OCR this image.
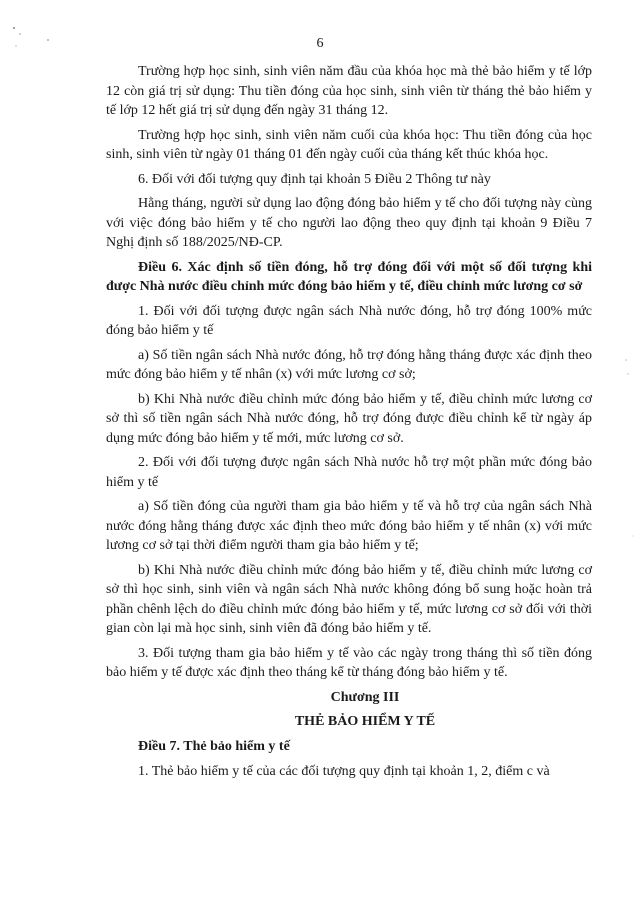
6

Trường hợp học sinh, sinh viên năm đầu của khóa học mà thẻ bảo hiểm y tế lớp 12 còn giá trị sử dụng: Thu tiền đóng của học sinh, sinh viên từ tháng thẻ bảo hiểm y tế lớp 12 hết giá trị sử dụng đến ngày 31 tháng 12.

Trường hợp học sinh, sinh viên năm cuối của khóa học: Thu tiền đóng của học sinh, sinh viên từ ngày 01 tháng 01 đến ngày cuối của tháng kết thúc khóa học.

6. Đối với đối tượng quy định tại khoản 5 Điều 2 Thông tư này

Hằng tháng, người sử dụng lao động đóng bảo hiểm y tế cho đối tượng này cùng với việc đóng bảo hiểm y tế cho người lao động theo quy định tại khoản 9 Điều 7 Nghị định số 188/2025/NĐ-CP.

Điều 6. Xác định số tiền đóng, hỗ trợ đóng đối với một số đối tượng khi được Nhà nước điều chỉnh mức đóng bảo hiểm y tế, điều chỉnh mức lương cơ sở

1. Đối với đối tượng được ngân sách Nhà nước đóng, hỗ trợ đóng 100% mức đóng bảo hiểm y tế

a) Số tiền ngân sách Nhà nước đóng, hỗ trợ đóng hằng tháng được xác định theo mức đóng bảo hiểm y tế nhân (x) với mức lương cơ sở;

b) Khi Nhà nước điều chỉnh mức đóng bảo hiểm y tế, điều chỉnh mức lương cơ sở thì số tiền ngân sách Nhà nước đóng, hỗ trợ đóng được điều chỉnh kể từ ngày áp dụng mức đóng bảo hiểm y tế mới, mức lương cơ sở.

2. Đối với đối tượng được ngân sách Nhà nước hỗ trợ một phần mức đóng bảo hiểm y tế

a) Số tiền đóng của người tham gia bảo hiểm y tế và hỗ trợ của ngân sách Nhà nước đóng hằng tháng được xác định theo mức đóng bảo hiểm y tế nhân (x) với mức lương cơ sở tại thời điểm người tham gia bảo hiểm y tế;

b) Khi Nhà nước điều chỉnh mức đóng bảo hiểm y tế, điều chỉnh mức lương cơ sở thì học sinh, sinh viên và ngân sách Nhà nước không đóng bổ sung hoặc hoàn trả phần chênh lệch do điều chỉnh mức đóng bảo hiểm y tế, mức lương cơ sở đối với thời gian còn lại mà học sinh, sinh viên đã đóng bảo hiểm y tế.

3. Đối tượng tham gia bảo hiểm y tế vào các ngày trong tháng thì số tiền đóng bảo hiểm y tế được xác định theo tháng kể từ tháng đóng bảo hiểm y tế.

Chương III

THẺ BẢO HIỂM Y TẾ

Điều 7. Thẻ bảo hiểm y tế

1. Thẻ bảo hiểm y tế của các đối tượng quy định tại khoản 1, 2, điểm c và
